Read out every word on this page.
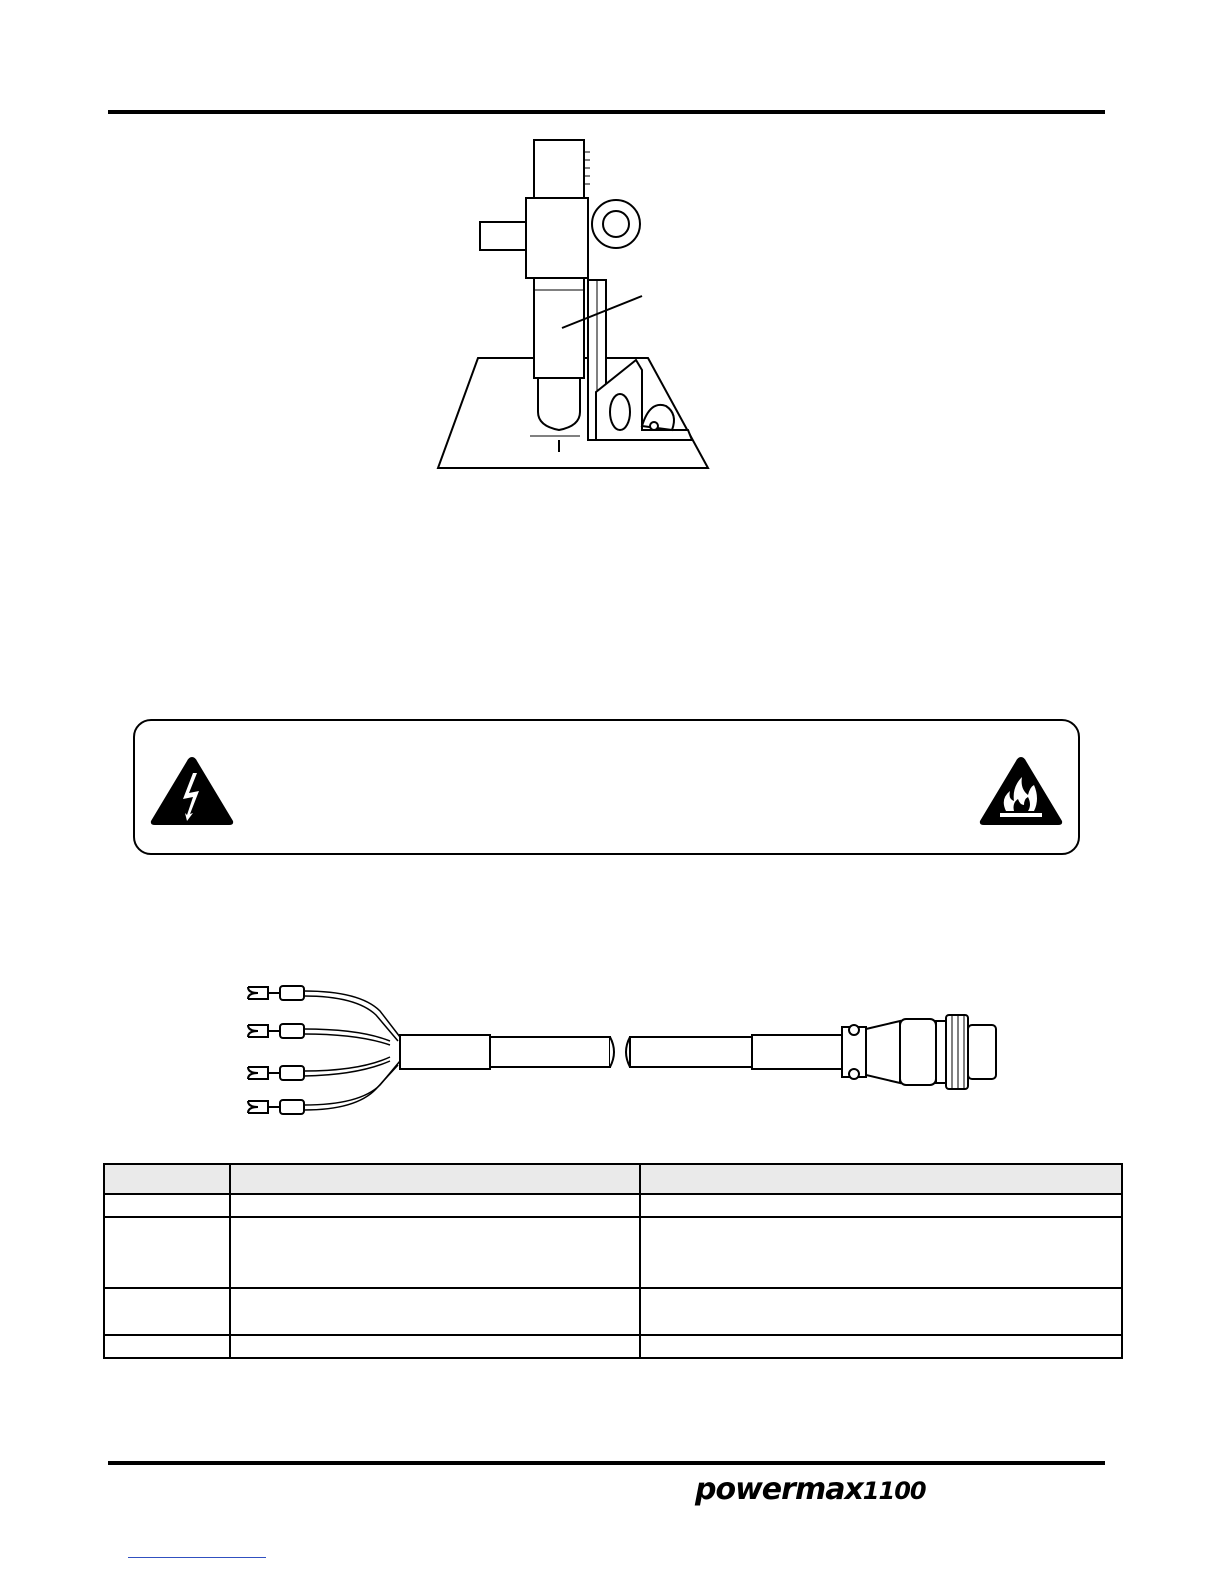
powermax1100
